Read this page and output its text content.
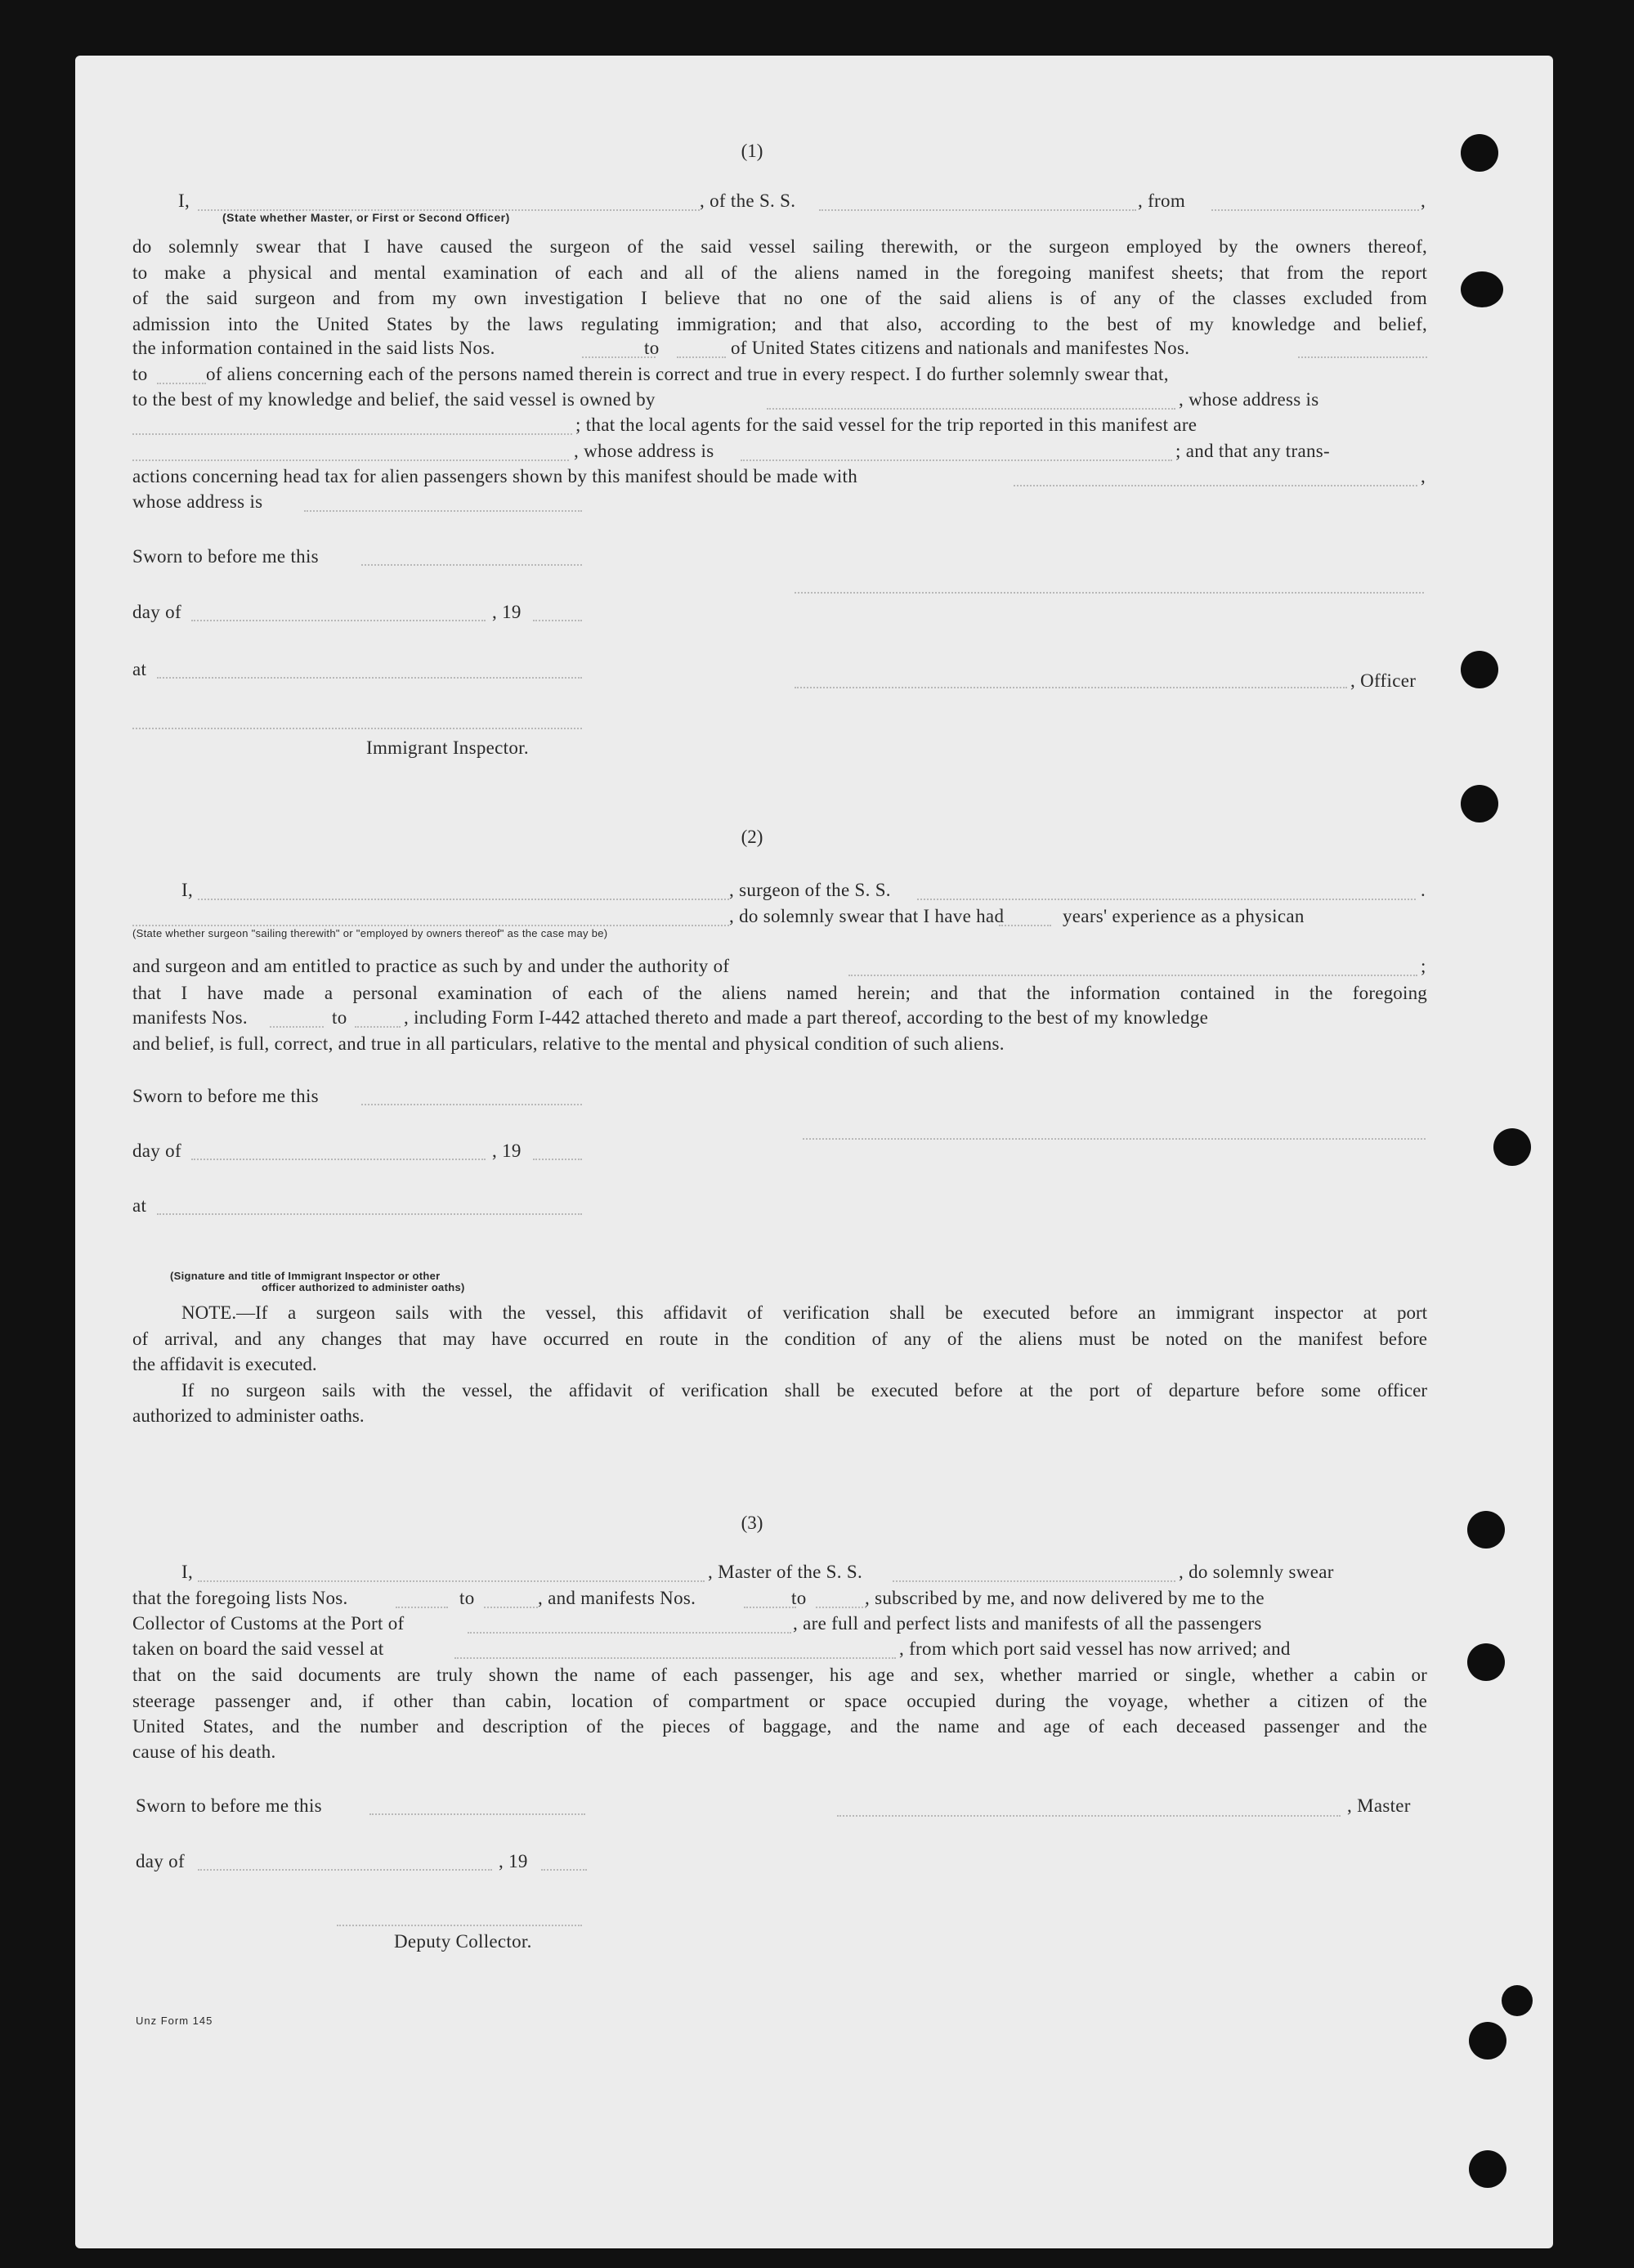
(1)
I,	, of the S. S.	, from	,
(State whether Master, or First or Second Officer)
do solemnly swear that I have caused the surgeon of the said vessel sailing therewith, or the surgeon employed by the owners thereof,
to make a physical and mental examination of each and all of the aliens named in the foregoing manifest sheets; that from the report
of the said surgeon and from my own investigation I believe that no one of the said aliens is of any of the classes excluded from
admission into the United States by the laws regulating immigration; and that also, according to the best of my knowledge and belief,
the information contained in the said lists Nos.	to	of United States citizens and nationals and manifestes Nos.
to	of aliens concerning each of the persons named therein is correct and true in every respect. I do further solemnly swear that,
to the best of my knowledge and belief, the said vessel is owned by	, whose address is
; that the local agents for the said vessel for the trip reported in this manifest are
, whose address is	; and that any trans-
actions concerning head tax for alien passengers shown by this manifest should be made with	,
whose address is
Sworn to before me this
day of	, 19
at
, Officer
Immigrant Inspector.
(2)
I,	, surgeon of the S. S.	.
, do solemnly swear that I have had	years' experience as a physican
(State whether surgeon "sailing therewith" or "employed by owners thereof" as the case may be)
and surgeon and am entitled to practice as such by and under the authority of	;
that I have made a personal examination of each of the aliens named herein; and that the information contained in the foregoing
manifests Nos.	to	, including Form I-442 attached thereto and made a part thereof, according to the best of my knowledge
and belief, is full, correct, and true in all particulars, relative to the mental and physical condition of such aliens.
Sworn to before me this
day of	, 19
at
(Signature and title of Immigrant Inspector or other
officer authorized to administer oaths)
NOTE.—If a surgeon sails with the vessel, this affidavit of verification shall be executed before an immigrant inspector at port
of arrival, and any changes that may have occurred en route in the condition of any of the aliens must be noted on the manifest before
the affidavit is executed.
If no surgeon sails with the vessel, the affidavit of verification shall be executed before at the port of departure before some officer
authorized to administer oaths.
(3)
I,	, Master of the S. S.	, do solemnly swear
that the foregoing lists Nos.	to	, and manifests Nos.	to	, subscribed by me, and now delivered by me to the
Collector of Customs at the Port of	, are full and perfect lists and manifests of all the passengers
taken on board the said vessel at	, from which port said vessel has now arrived; and
that on the said documents are truly shown the name of each passenger, his age and sex, whether married or single, whether a cabin or
steerage passenger and, if other than cabin, location of compartment or space occupied during the voyage, whether a citizen of the
United States, and the number and description of the pieces of baggage, and the name and age of each deceased passenger and the
cause of his death.
Sworn to before me this	, Master
day of	, 19
Deputy Collector.
Unz Form 145
